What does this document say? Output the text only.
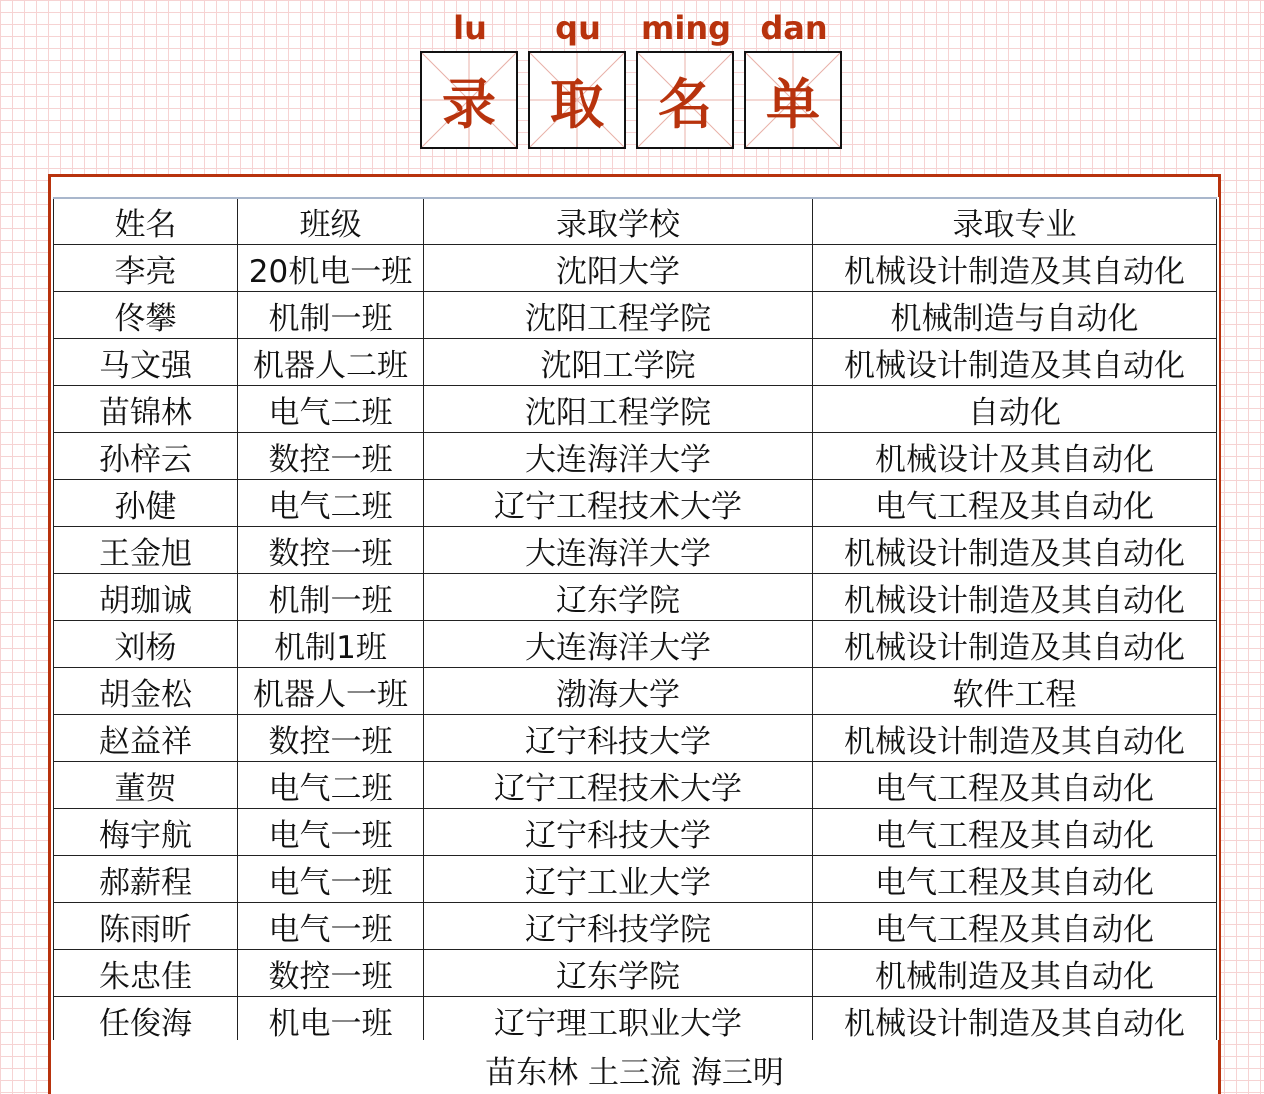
lu	qu	ming dan
录	取	名	单
姓名	班级	录取学校	录取专业
李亮	20机电一班	沈阳大学	机械设计制造及其自动化
佟攀	机制一班	沈阳工程学院	机械制造与自动化
马文强	机器人二班	沈阳工学院	机械设计制造及其自动化
苗锦林	电气二班	沈阳工程学院	自动化
孙梓云	数控一班	大连海洋大学	机械设计及其自动化
孙健	电气二班	辽宁工程技术大学	电气工程及其自动化
王金旭	数控一班	大连海洋大学	机械设计制造及其自动化
胡珈诚	机制一班	辽东学院	机械设计制造及其自动化
刘杨	机制1班	大连海洋大学	机械设计制造及其自动化
胡金松	机器人一班	渤海大学	软件工程
赵益祥	数控一班	辽宁科技大学	机械设计制造及其自动化
董贺	电气二班	辽宁工程技术大学	电气工程及其自动化
梅宇航	电气一班	辽宁科技大学	电气工程及其自动化
郝薪程	电气一班	辽宁工业大学	电气工程及其自动化
陈雨昕	电气一班	辽宁科技学院	电气工程及其自动化
朱忠佳	数控一班	辽东学院	机械制造及其自动化
任俊海	机电一班	辽宁理工职业大学	机械设计制造及其自动化
苗东林 土三流 海三明
